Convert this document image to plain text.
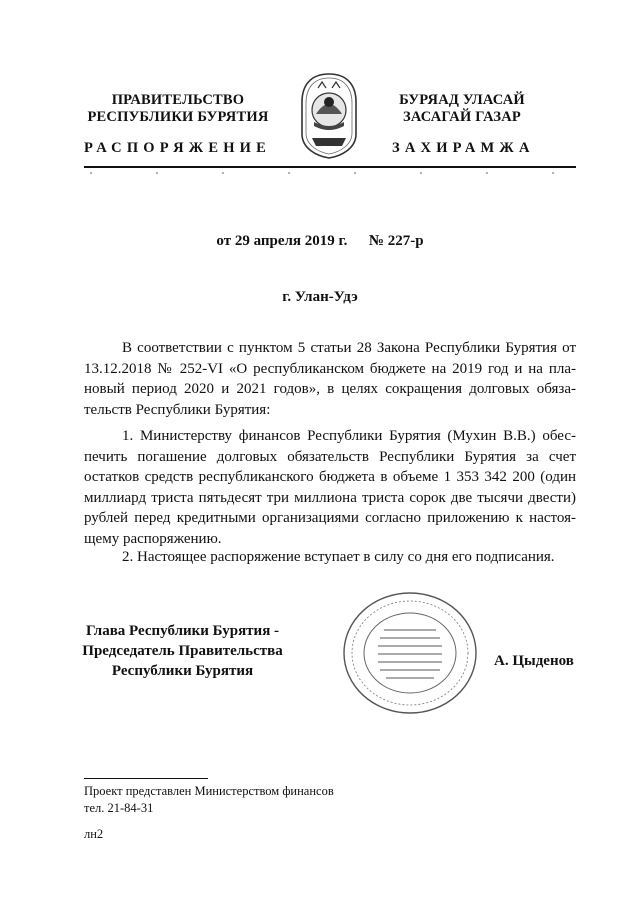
ПРАВИТЕЛЬСТВО
РЕСПУБЛИКИ БУРЯТИЯ
БУРЯАД УЛАСАЙ
ЗАСАГАЙ ГАЗАР
РАСПОРЯЖЕНИЕ	ЗАХИРАМЖА
от 29 апреля 2019 г. № 227-р
г. Улан-Удэ
В соответствии с пунктом 5 статьи 28 Закона Республики Бурятия от 13.12.2018 № 252-VI «О республиканском бюджете на 2019 год и на плановый период 2020 и 2021 годов», в целях сокращения долговых обязательств Республики Бурятия:
1. Министерству финансов Республики Бурятия (Мухин В.В.) обеспечить погашение долговых обязательств Республики Бурятия за счет остатков средств республиканского бюджета в объеме 1 353 342 200 (один миллиард триста пятьдесят три миллиона триста сорок две тысячи двести) рублей перед кредитными организациями согласно приложению к настоящему распоряжению.
2. Настоящее распоряжение вступает в силу со дня его подписания.
Глава Республики Бурятия -
Председатель Правительства
Республики Бурятия
А. Цыденов
Проект представлен Министерством финансов
тел. 21-84-31
лн2
